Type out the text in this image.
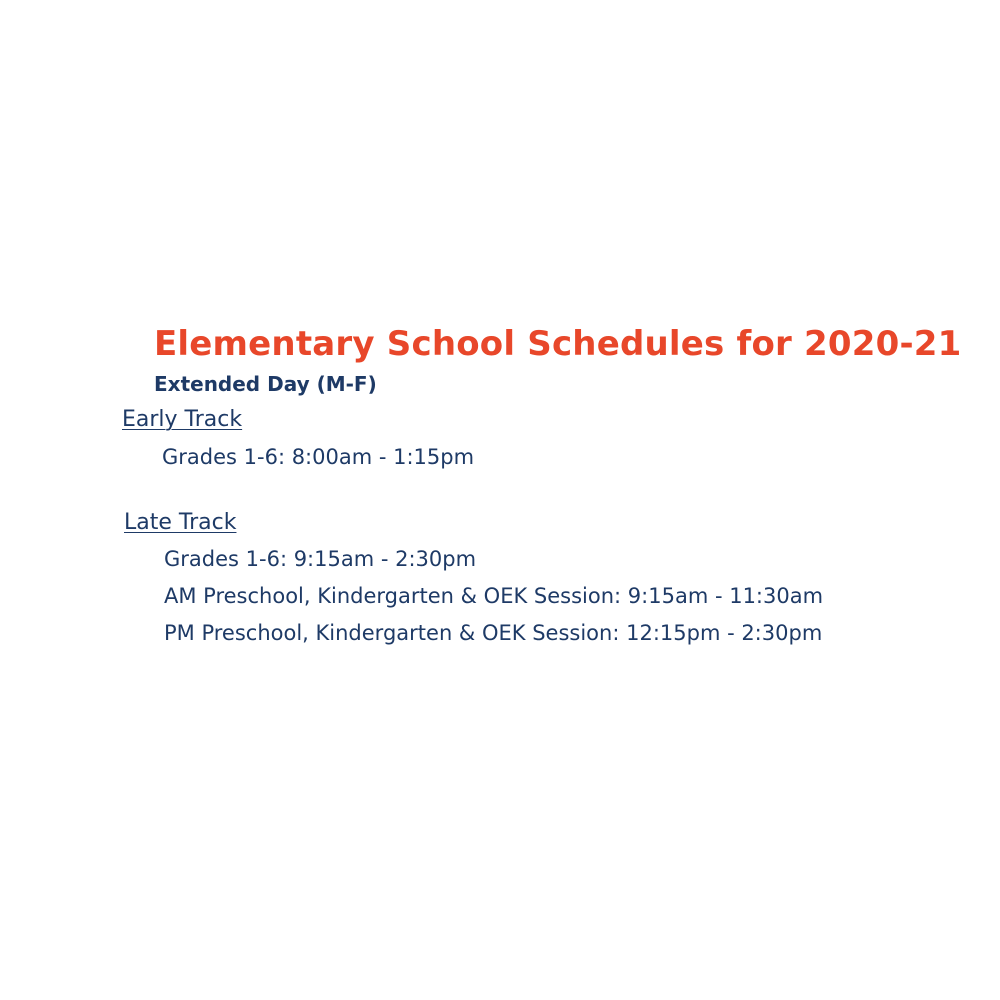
Elementary School Schedules for 2020-21
Extended Day (M-F)
Early Track
Grades 1-6: 8:00am - 1:15pm
Late Track
Grades 1-6: 9:15am - 2:30pm
AM Preschool, Kindergarten & OEK Session: 9:15am - 11:30am
PM Preschool, Kindergarten & OEK Session: 12:15pm - 2:30pm
